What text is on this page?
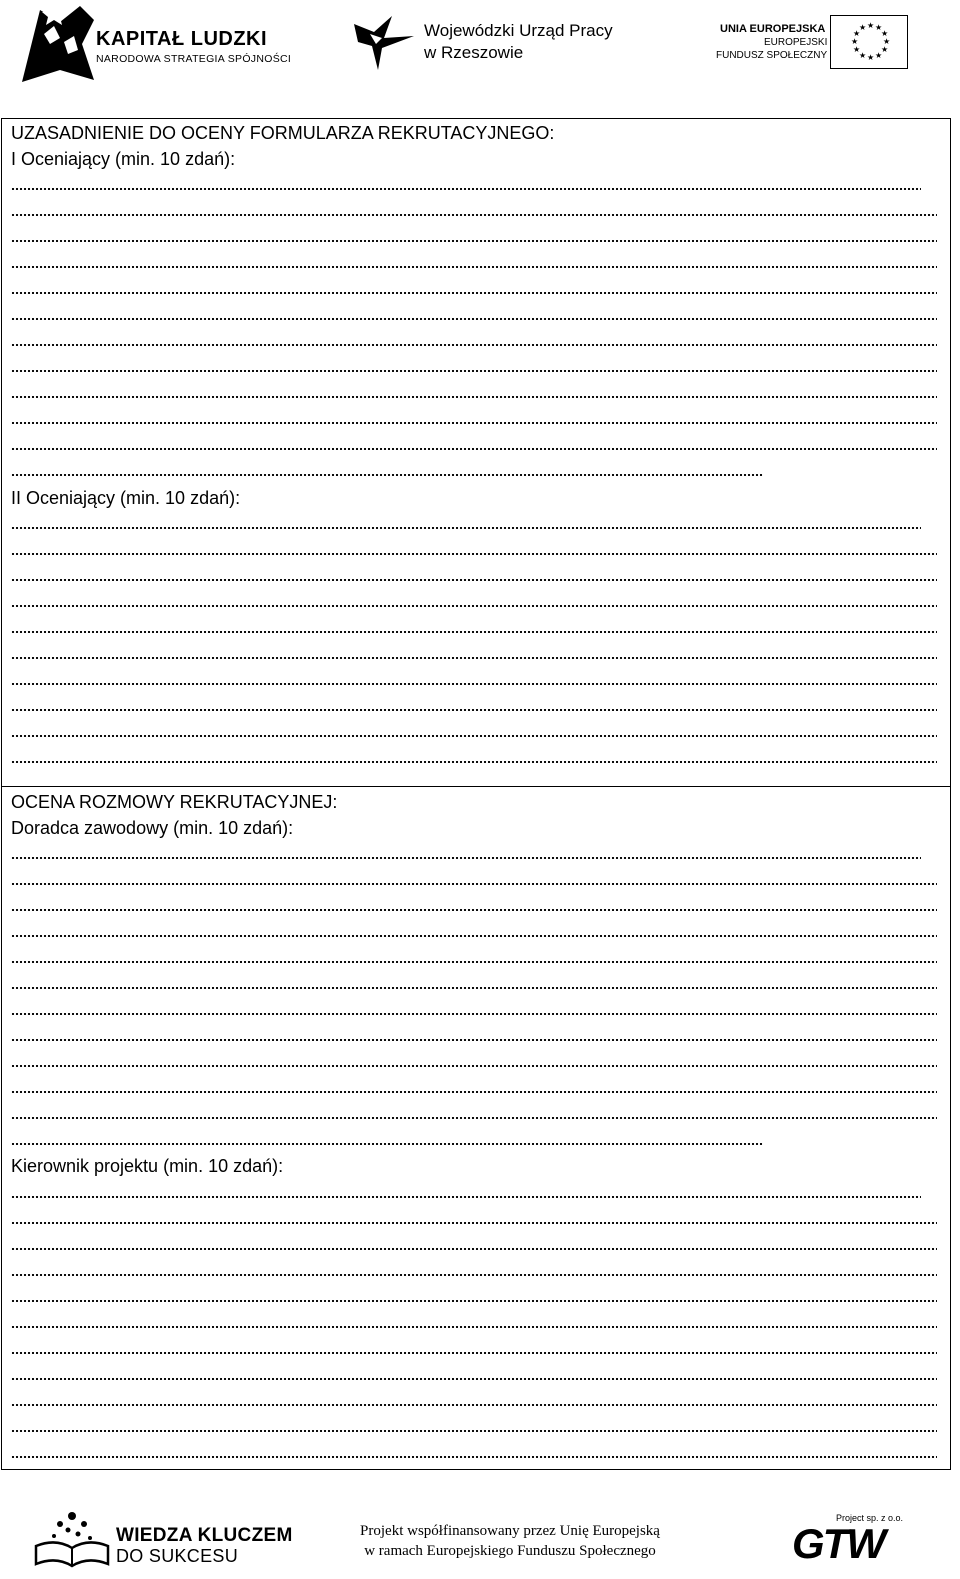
KAPITAŁ LUDZKI
NARODOWA STRATEGIA SPÓJNOŚCI
Wojewódzki Urząd Pracy
w Rzeszowie
UNIA EUROPEJSKA
EUROPEJSKI
FUNDUSZ SPOŁECZNY
★ ★
★
★
★
★
★
★
★
★
★
★
UZASADNIENIE DO OCENY FORMULARZA REKRUTACYJNEGO:
I Oceniający (min. 10 zdań):
II Oceniający (min. 10 zdań):
OCENA ROZMOWY REKRUTACYJNEJ:
Doradca zawodowy (min. 10 zdań):
Kierownik projektu (min. 10 zdań):
WIEDZA KLUCZEM
DO SUKCESU
Projekt współfinansowany przez Unię Europejską
w ramach Europejskiego Funduszu Społecznego
Project sp. z o.o.
GTW
